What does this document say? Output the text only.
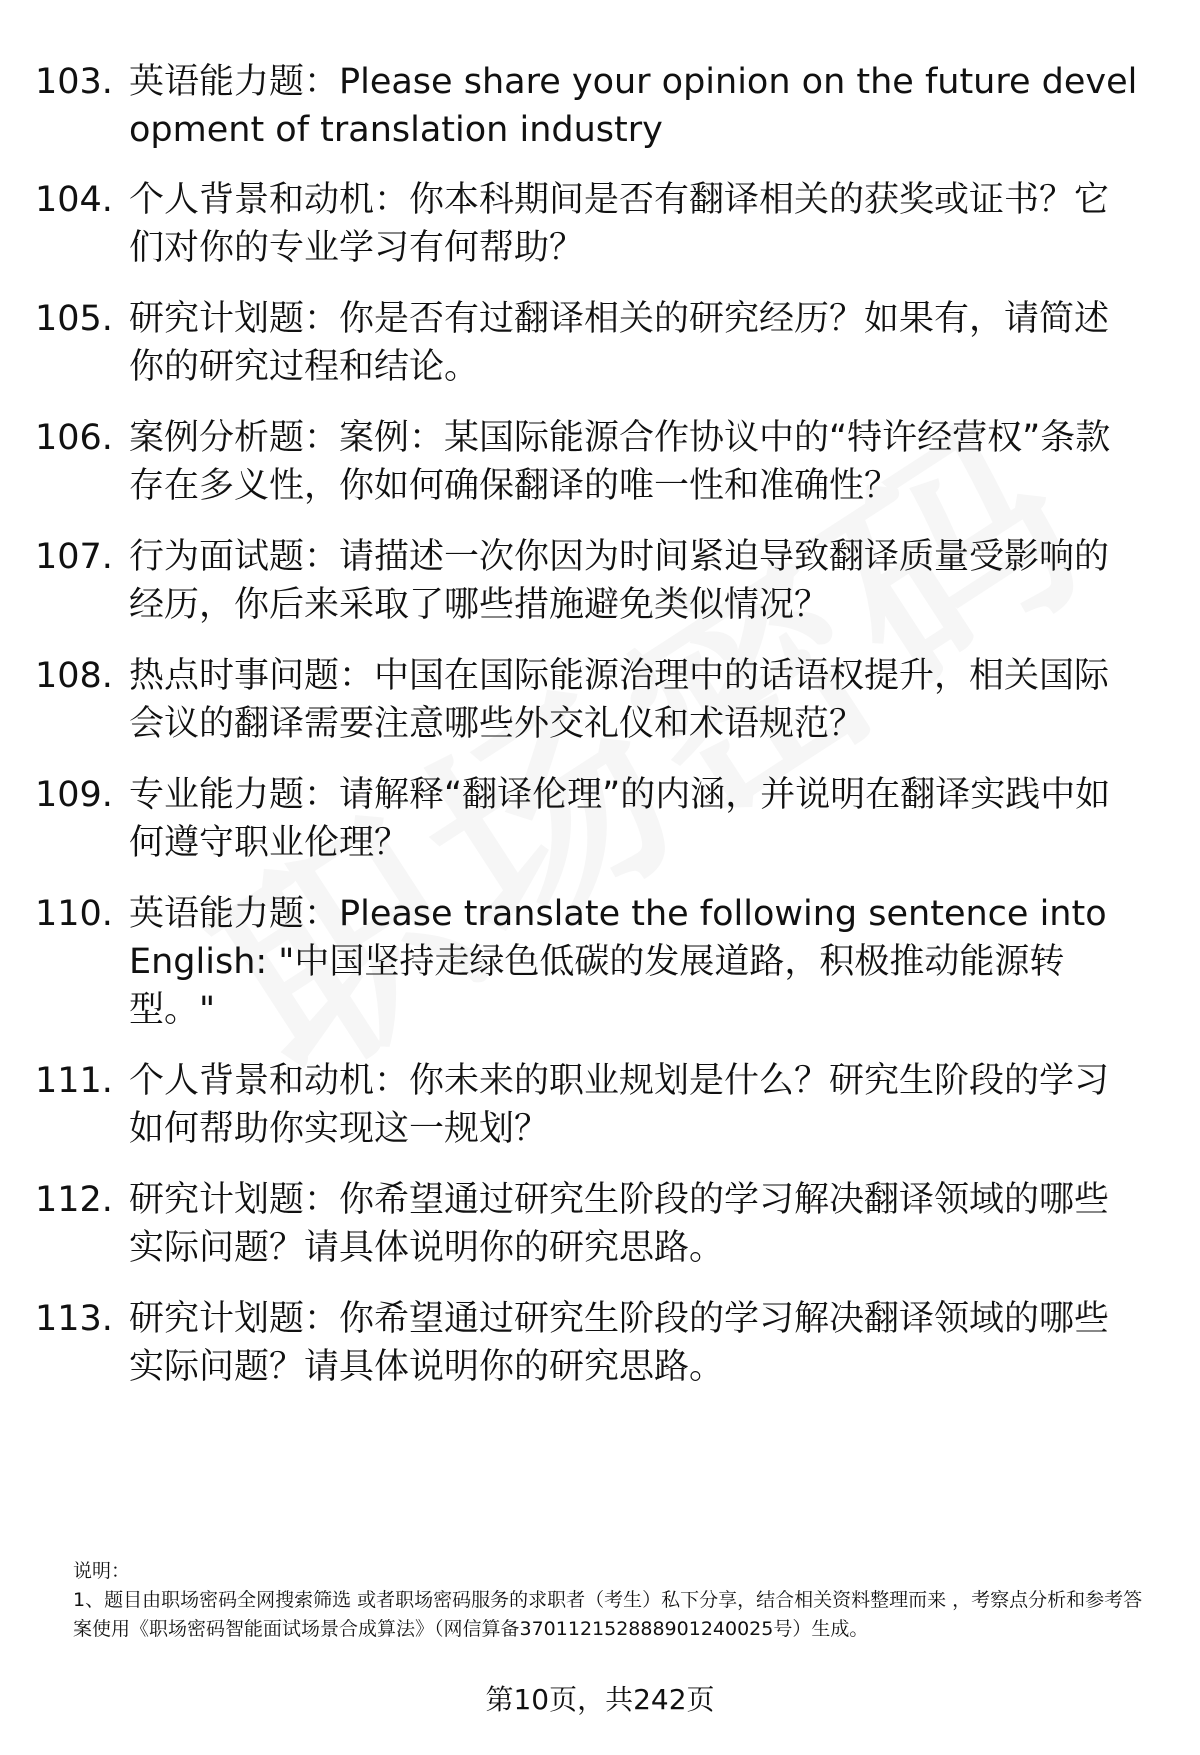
103. 英语能力题：Please share your opinion on the future development of translation industry
104. 个人背景和动机：你本科期间是否有翻译相关的获奖或证书？它们对你的专业学习有何帮助？
105. 研究计划题：你是否有过翻译相关的研究经历？如果有，请简述你的研究过程和结论。
106. 案例分析题：案例：某国际能源合作协议中的“特许经营权”条款存在多义性，你如何确保翻译的唯一性和准确性？
107. 行为面试题：请描述一次你因为时间紧迫导致翻译质量受影响的经历，你后来采取了哪些措施避免类似情况？
108. 热点时事问题：中国在国际能源治理中的话语权提升，相关国际会议的翻译需要注意哪些外交礼仪和术语规范？
109. 专业能力题：请解释“翻译伦理”的内涵，并说明在翻译实践中如何遵守职业伦理？
110. 英语能力题：Please translate the following sentence into English: "中国坚持走绿色低碳的发展道路，积极推动能源转型。"
111. 个人背景和动机：你未来的职业规划是什么？研究生阶段的学习如何帮助你实现这一规划？
112. 研究计划题：你希望通过研究生阶段的学习解决翻译领域的哪些实际问题？请具体说明你的研究思路。
113. 研究计划题：你希望通过研究生阶段的学习解决翻译领域的哪些实际问题？请具体说明你的研究思路。

说明：

1、题目由职场密码全网搜索筛选 或者职场密码服务的求职者（考生）私下分享，结合相关资料整理而来 ，考察点分析和参考答案使用《职场密码智能面试场景合成算法》（网信算备370112152888901240025号）生成。

第10页，共242页
